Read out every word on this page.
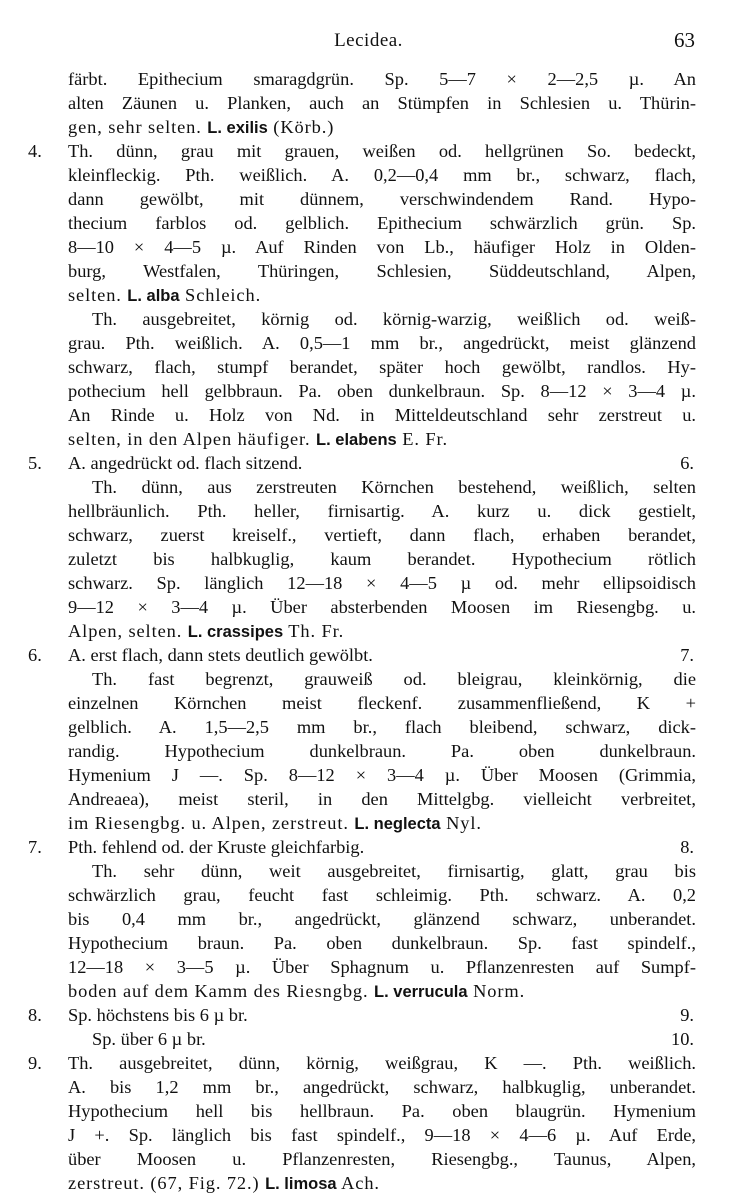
Lecidea.	63
färbt. Epithecium smaragdgrün. Sp. 5—7 × 2—2,5 µ. An
alten Zäunen u. Planken, auch an Stümpfen in Schlesien u. Thürin-
gen, sehr selten. L. exilis (Körb.)
4.	Th. dünn, grau mit grauen, weißen od. hellgrünen So. bedeckt,
kleinfleckig. Pth. weißlich. A. 0,2—0,4 mm br., schwarz, flach,
dann gewölbt, mit dünnem, verschwindendem Rand. Hypo-
thecium farblos od. gelblich. Epithecium schwärzlich grün. Sp.
8—10 × 4—5 µ. Auf Rinden von Lb., häufiger Holz in Olden-
burg, Westfalen, Thüringen, Schlesien, Süddeutschland, Alpen,
selten. L. alba Schleich.
Th. ausgebreitet, körnig od. körnig-warzig, weißlich od. weiß-
grau. Pth. weißlich. A. 0,5—1 mm br., angedrückt, meist glänzend
schwarz, flach, stumpf berandet, später hoch gewölbt, randlos. Hy-
pothecium hell gelbbraun. Pa. oben dunkelbraun. Sp. 8—12 × 3—4 µ.
An Rinde u. Holz von Nd. in Mitteldeutschland sehr zerstreut u.
selten, in den Alpen häufiger. L. elabens E. Fr.
5.	A. angedrückt od. flach sitzend.	6.
Th. dünn, aus zerstreuten Körnchen bestehend, weißlich, selten
hellbräunlich. Pth. heller, firnisartig. A. kurz u. dick gestielt,
schwarz, zuerst kreiself., vertieft, dann flach, erhaben berandet,
zuletzt bis halbkuglig, kaum berandet. Hypothecium rötlich
schwarz. Sp. länglich 12—18 × 4—5 µ od. mehr ellipsoidisch
9—12 × 3—4 µ. Über absterbenden Moosen im Riesengbg. u.
Alpen, selten. L. crassipes Th. Fr.
6.	A. erst flach, dann stets deutlich gewölbt.	7.
Th. fast begrenzt, grauweiß od. bleigrau, kleinkörnig, die
einzelnen Körnchen meist fleckenf. zusammenfließend, K +
gelblich. A. 1,5—2,5 mm br., flach bleibend, schwarz, dick-
randig. Hypothecium dunkelbraun. Pa. oben dunkelbraun.
Hymenium J —. Sp. 8—12 × 3—4 µ. Über Moosen (Grimmia,
Andreaea), meist steril, in den Mittelgbg. vielleicht verbreitet,
im Riesengbg. u. Alpen, zerstreut. L. neglecta Nyl.
7.	Pth. fehlend od. der Kruste gleichfarbig.	8.
Th. sehr dünn, weit ausgebreitet, firnisartig, glatt, grau bis
schwärzlich grau, feucht fast schleimig. Pth. schwarz. A. 0,2
bis 0,4 mm br., angedrückt, glänzend schwarz, unberandet.
Hypothecium braun. Pa. oben dunkelbraun. Sp. fast spindelf.,
12—18 × 3—5 µ. Über Sphagnum u. Pflanzenresten auf Sumpf-
boden auf dem Kamm des Riesngbg. L. verrucula Norm.
8.	Sp. höchstens bis 6 µ br.	9.
Sp. über 6 µ br.	10.
9.	Th. ausgebreitet, dünn, körnig, weißgrau, K —. Pth. weißlich.
A. bis 1,2 mm br., angedrückt, schwarz, halbkuglig, unberandet.
Hypothecium hell bis hellbraun. Pa. oben blaugrün. Hymenium
J +. Sp. länglich bis fast spindelf., 9—18 × 4—6 µ. Auf Erde,
über Moosen u. Pflanzenresten, Riesengbg., Taunus, Alpen,
zerstreut. (67, Fig. 72.) L. limosa Ach.
